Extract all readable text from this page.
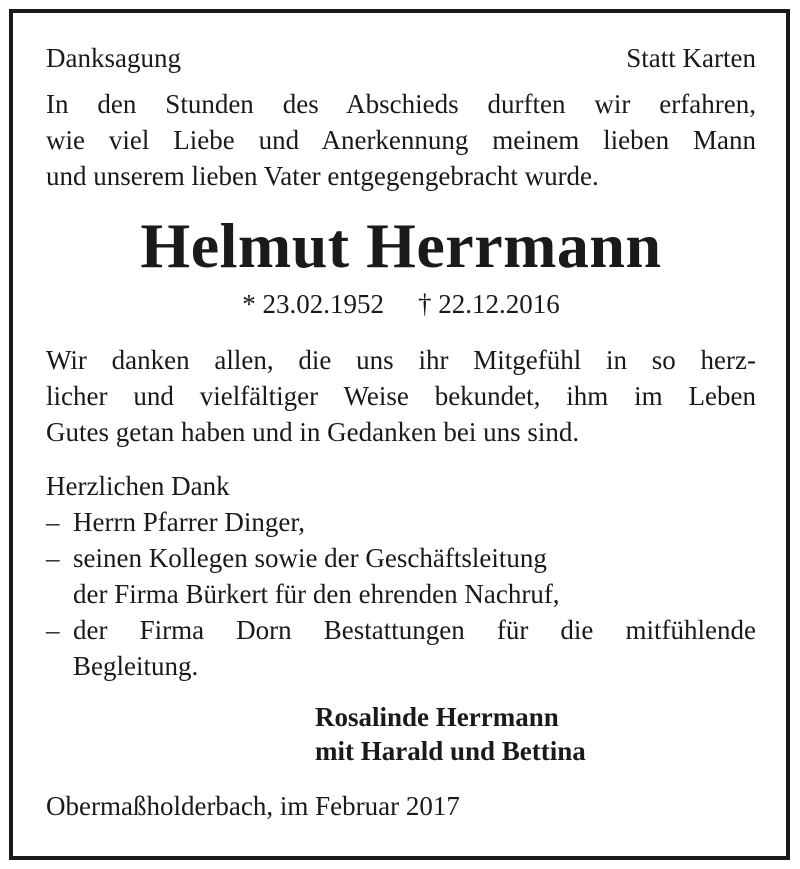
Danksagung	Statt Karten
In den Stunden des Abschieds durften wir erfahren,
wie viel Liebe und Anerkennung meinem lieben Mann
und unserem lieben Vater entgegengebracht wurde.
Helmut Herrmann
* 23.02.1952 † 22.12.2016
Wir danken allen, die uns ihr Mitgefühl in so herz-
licher und vielfältiger Weise bekundet, ihm im Leben
Gutes getan haben und in Gedanken bei uns sind.
Herzlichen Dank
– Herrn Pfarrer Dinger,
– seinen Kollegen sowie der Geschäftsleitung
der Firma Bürkert für den ehrenden Nachruf,
– der Firma Dorn Bestattungen für die mitfühlende
Begleitung.
Rosalinde Herrmann
mit Harald und Bettina
Obermaßholderbach, im Februar 2017
